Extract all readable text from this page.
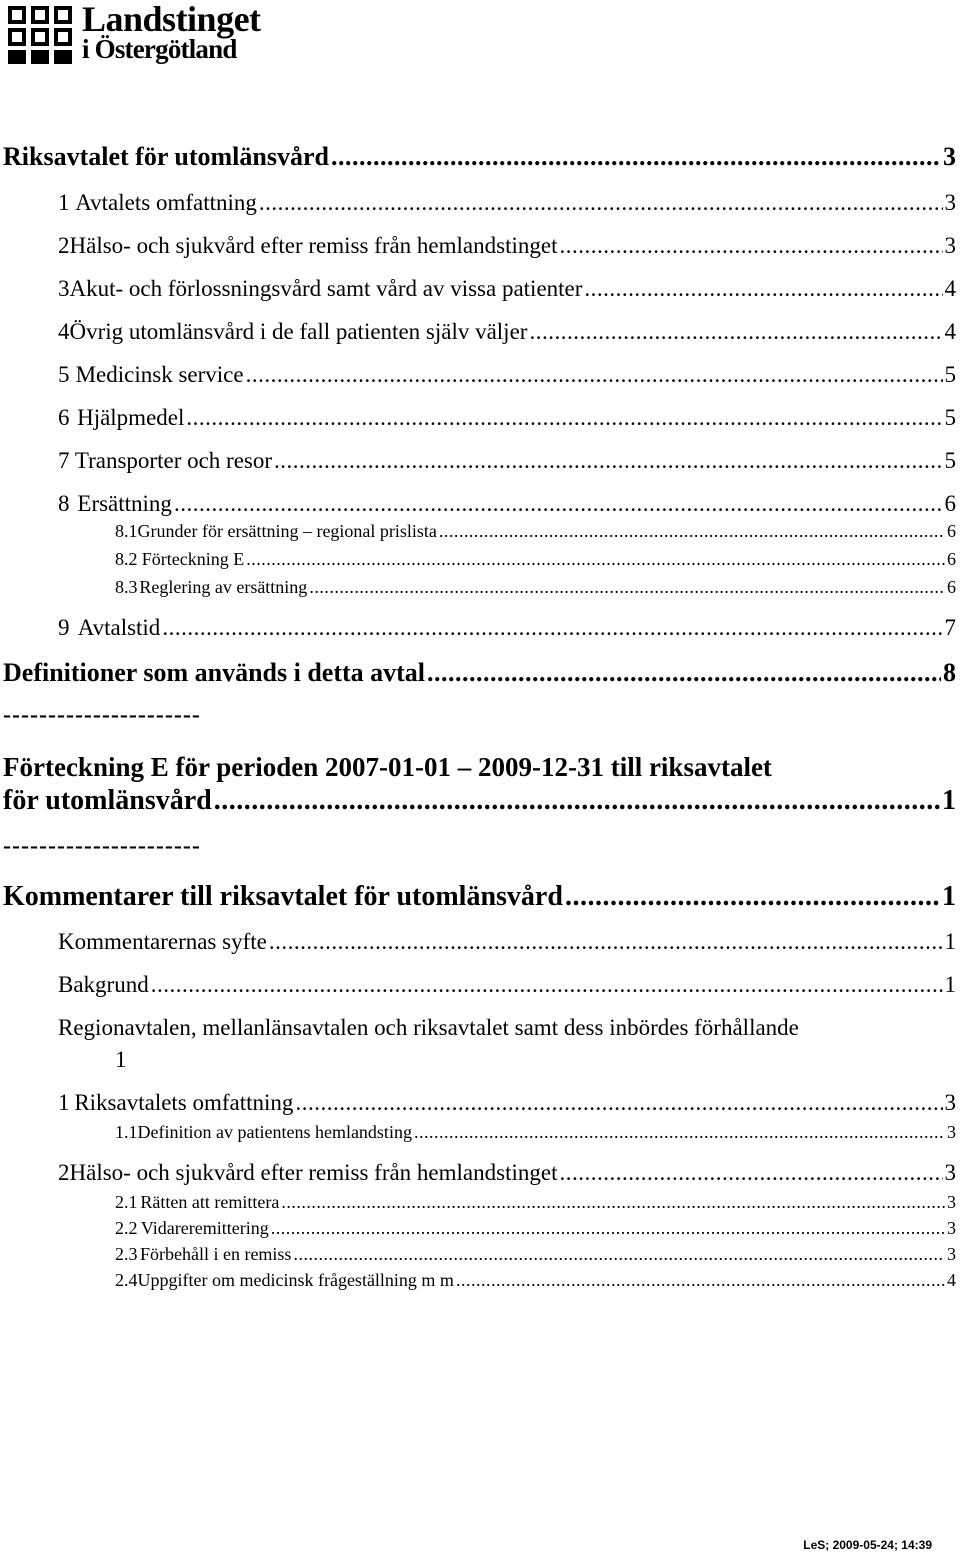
Landstinget
i Östergötland
Riksavtalet för utomlänsvård .....	3
1 Avtalets omfattning .....	3
2 Hälso- och sjukvård efter remiss från hemlandstinget .....	3
3 Akut- och förlossningsvård samt vård av vissa patienter .....	4
4 Övrig utomlänsvård i de fall patienten själv väljer .....	4
5 Medicinsk service .....	5
6 Hjälpmedel .....	5
7 Transporter och resor .....	5
8 Ersättning .....	6
8.1 Grunder för ersättning – regional prislista .....	6
8.2 Förteckning E .....	6
8.3 Reglering av ersättning .....	6
9 Avtalstid .....	7
Definitioner som används i detta avtal .....	8
----------------------
Förteckning E för perioden 2007-01-01 – 2009-12-31 till riksavtalet
för utomlänsvård .....	1
----------------------
Kommentarer till riksavtalet för utomlänsvård .....	1
Kommentarernas syfte .....	1
Bakgrund .....	1
Regionavtalen, mellanlänsavtalen och riksavtalet samt dess inbördes förhållande
1
1 Riksavtalets omfattning .....	3
1.1 Definition av patientens hemlandsting .....	3
2 Hälso- och sjukvård efter remiss från hemlandstinget .....	3
2.1 Rätten att remittera .....	3
2.2 Vidareremittering .....	3
2.3 Förbehåll i en remiss .....	3
2.4 Uppgifter om medicinsk frågeställning m m .....	4
LeS; 2009-05-24; 14:39
